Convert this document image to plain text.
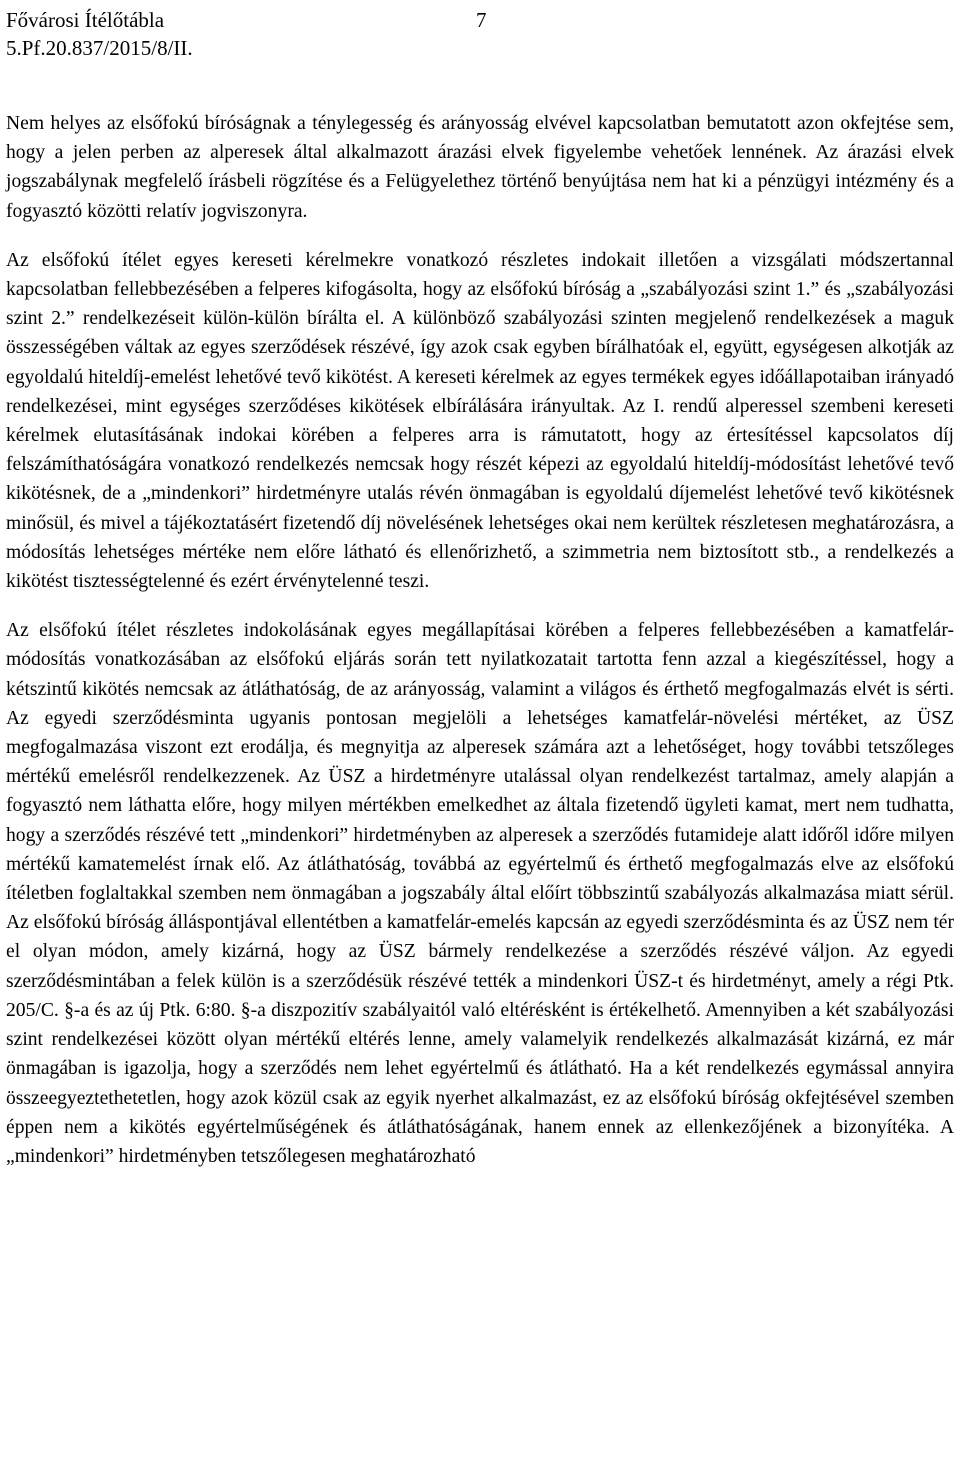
Fővárosi Ítélőtábla
5.Pf.20.837/2015/8/II.
7

Nem helyes az elsőfokú bíróságnak a ténylegesség és arányosság elvével kapcsolatban bemutatott azon okfejtése sem, hogy a jelen perben az alperesek által alkalmazott árazási elvek figyelembe vehetőek lennének. Az árazási elvek jogszabálynak megfelelő írásbeli rögzítése és a Felügyelethez történő benyújtása nem hat ki a pénzügyi intézmény és a fogyasztó közötti relatív jogviszonyra.

Az elsőfokú ítélet egyes kereseti kérelmekre vonatkozó részletes indokait illetően a vizsgálati módszertannal kapcsolatban fellebbezésében a felperes kifogásolta, hogy az elsőfokú bíróság a „szabályozási szint 1.” és „szabályozási szint 2.” rendelkezéseit külön-külön bírálta el. A különböző szabályozási szinten megjelenő rendelkezések a maguk összességében váltak az egyes szerződések részévé, így azok csak egyben bírálhatóak el, együtt, egységesen alkotják az egyoldalú hiteldíj-emelést lehetővé tevő kikötést. A kereseti kérelmek az egyes termékek egyes időállapotaiban irányadó rendelkezései, mint egységes szerződéses kikötések elbírálására irányultak. Az I. rendű alperessel szembeni kereseti kérelmek elutasításának indokai körében a felperes arra is rámutatott, hogy az értesítéssel kapcsolatos díj felszámíthatóságára vonatkozó rendelkezés nemcsak hogy részét képezi az egyoldalú hiteldíj-módosítást lehetővé tevő kikötésnek, de a „mindenkori” hirdetményre utalás révén önmagában is egyoldalú díjemelést lehetővé tevő kikötésnek minősül, és mivel a tájékoztatásért fizetendő díj növelésének lehetséges okai nem kerültek részletesen meghatározásra, a módosítás lehetséges mértéke nem előre látható és ellenőrizhető, a szimmetria nem biztosított stb., a rendelkezés a kikötést tisztességtelenné és ezért érvénytelenné teszi.

Az elsőfokú ítélet részletes indokolásának egyes megállapításai körében a felperes fellebbezésében a kamatfelár-módosítás vonatkozásában az elsőfokú eljárás során tett nyilatkozatait tartotta fenn azzal a kiegészítéssel, hogy a kétszintű kikötés nemcsak az átláthatóság, de az arányosság, valamint a világos és érthető megfogalmazás elvét is sérti. Az egyedi szerződésminta ugyanis pontosan megjelöli a lehetséges kamatfelár-növelési mértéket, az ÜSZ megfogalmazása viszont ezt erodálja, és megnyitja az alperesek számára azt a lehetőséget, hogy további tetszőleges mértékű emelésről rendelkezzenek. Az ÜSZ a hirdetményre utalással olyan rendelkezést tartalmaz, amely alapján a fogyasztó nem láthatta előre, hogy milyen mértékben emelkedhet az általa fizetendő ügyleti kamat, mert nem tudhatta, hogy a szerződés részévé tett „mindenkori” hirdetményben az alperesek a szerződés futamideje alatt időről időre milyen mértékű kamatemelést írnak elő. Az átláthatóság, továbbá az egyértelmű és érthető megfogalmazás elve az elsőfokú ítéletben foglaltakkal szemben nem önmagában a jogszabály által előírt többszintű szabályozás alkalmazása miatt sérül. Az elsőfokú bíróság álláspontjával ellentétben a kamatfelár-emelés kapcsán az egyedi szerződésminta és az ÜSZ nem tér el olyan módon, amely kizárná, hogy az ÜSZ bármely rendelkezése a szerződés részévé váljon. Az egyedi szerződésmintában a felek külön is a szerződésük részévé tették a mindenkori ÜSZ-t és hirdetményt, amely a régi Ptk. 205/C. §-a és az új Ptk. 6:80. §-a diszpozitív szabályaitól való eltérésként is értékelhető. Amennyiben a két szabályozási szint rendelkezései között olyan mértékű eltérés lenne, amely valamelyik rendelkezés alkalmazását kizárná, ez már önmagában is igazolja, hogy a szerződés nem lehet egyértelmű és átlátható. Ha a két rendelkezés egymással annyira összeegyeztethetetlen, hogy azok közül csak az egyik nyerhet alkalmazást, ez az elsőfokú bíróság okfejtésével szemben éppen nem a kikötés egyértelműségének és átláthatóságának, hanem ennek az ellenkezőjének a bizonyítéka. A „mindenkori” hirdetményben tetszőlegesen meghatározható
